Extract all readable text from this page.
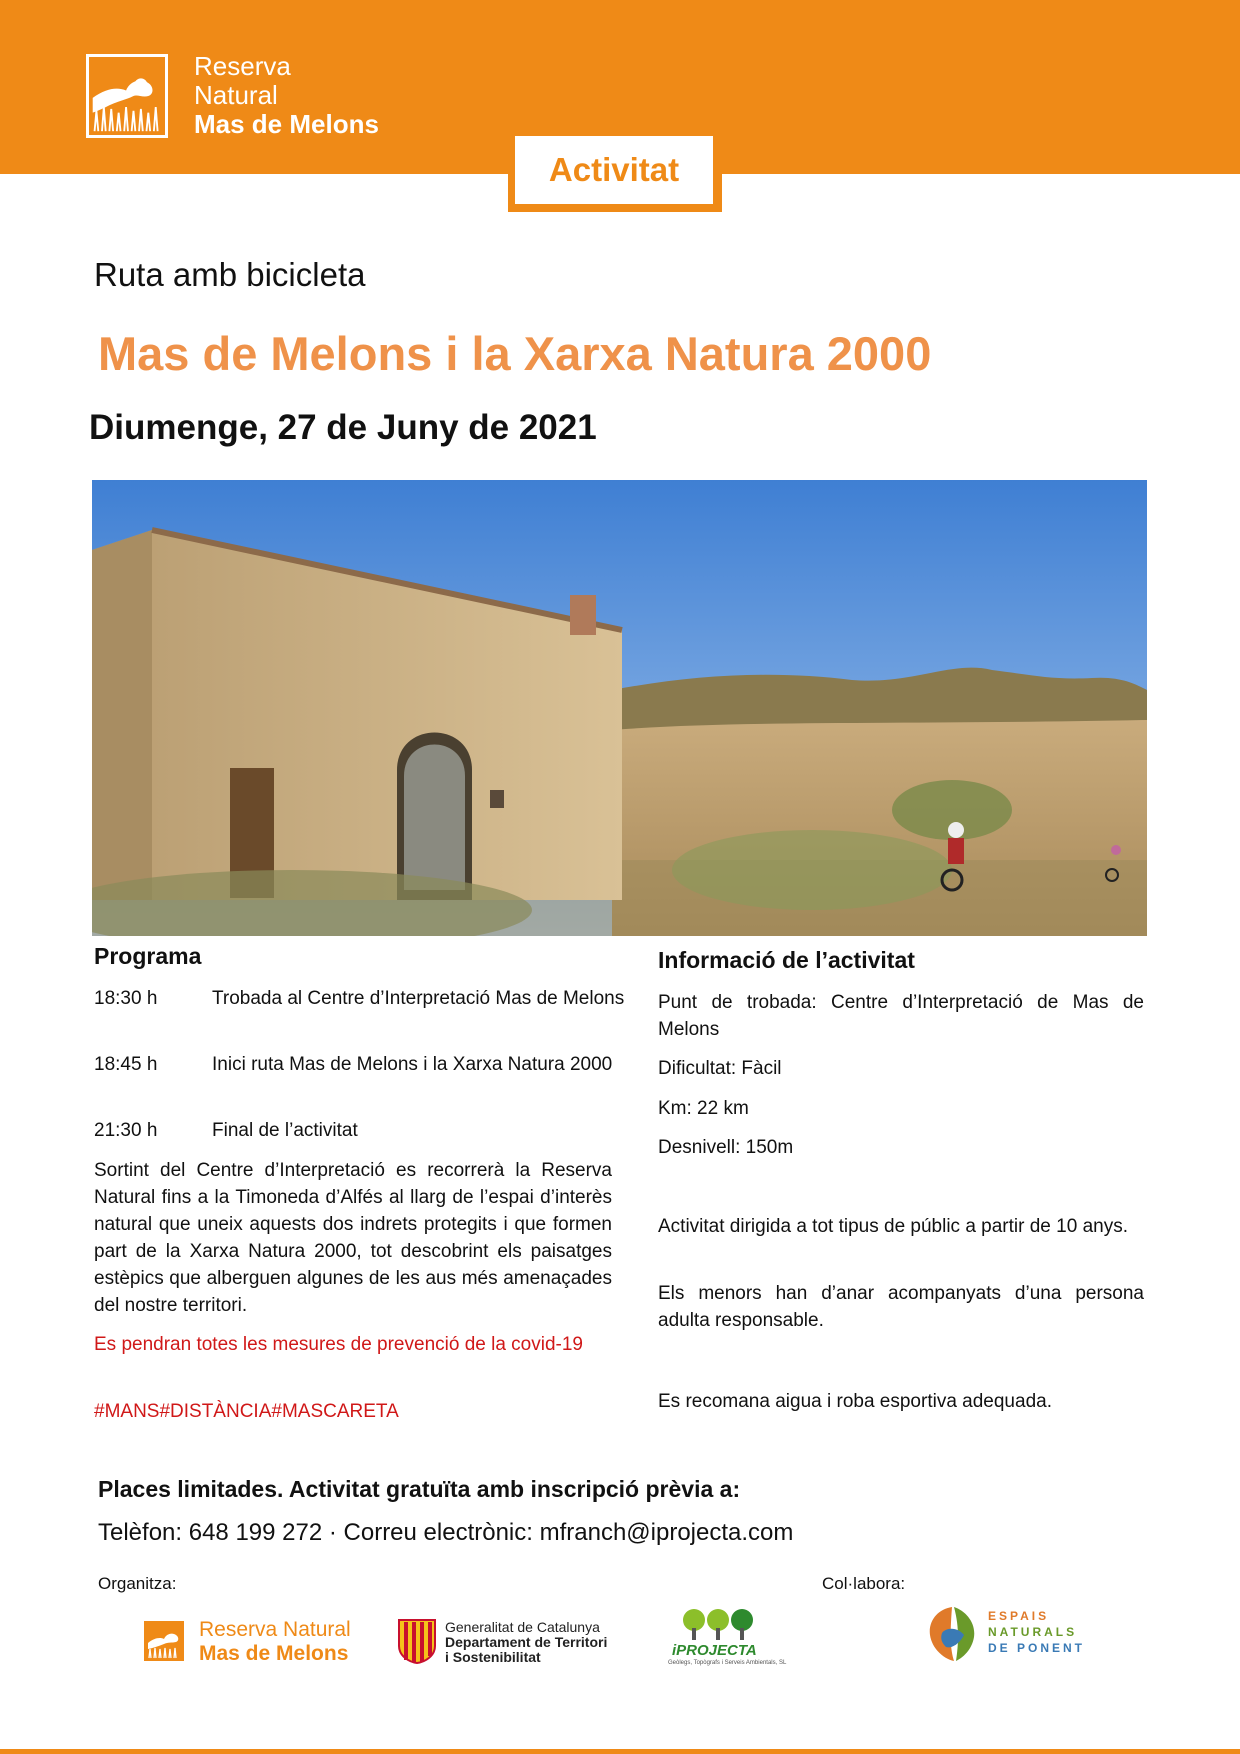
Reserva
Natural
Mas de Melons
Activitat
Ruta amb bicicleta
Mas de Melons i la Xarxa Natura 2000
Diumenge, 27 de Juny de 2021
Programa
18:30 h	Trobada al Centre d’Interpretació Mas de Melons
18:45 h	Inici ruta Mas de Melons i la Xarxa Natura 2000
21:30 h	Final de l’activitat
Sortint del Centre d’Interpretació es recorrerà la Reserva Natural fins a la Timoneda d’Alfés al llarg de l’espai d’interès natural que uneix aquests dos indrets protegits i que formen part de la Xarxa Natura 2000, tot descobrint els paisatges estèpics que alberguen algunes de les aus més amenaçades del nostre territori.
Es pendran totes les mesures de prevenció de la covid-19
#MANS#DISTÀNCIA#MASCARETA
Informació de l’activitat
Punt de trobada: Centre d’Interpretació de Mas de Melons
Dificultat: Fàcil
Km: 22 km
Desnivell: 150m
Activitat dirigida a tot tipus de públic a partir de 10 anys.
Els menors han d’anar acompanyats d’una persona adulta responsable.
Es recomana aigua i roba esportiva adequada.
Places limitades. Activitat gratuïta amb inscripció prèvia a:
Telèfon: 648 199 272 · Correu electrònic: mfranch@iprojecta.com
Organitza:	Col·labora:
Reserva Natural
Mas de Melons
Generalitat de Catalunya
Departament de Territori
i Sostenibilitat	iPROJECTA
Geòlegs, Topògrafs i Serveis Ambientals, SL
ESPAIS
NATURALS
DE PONENT
